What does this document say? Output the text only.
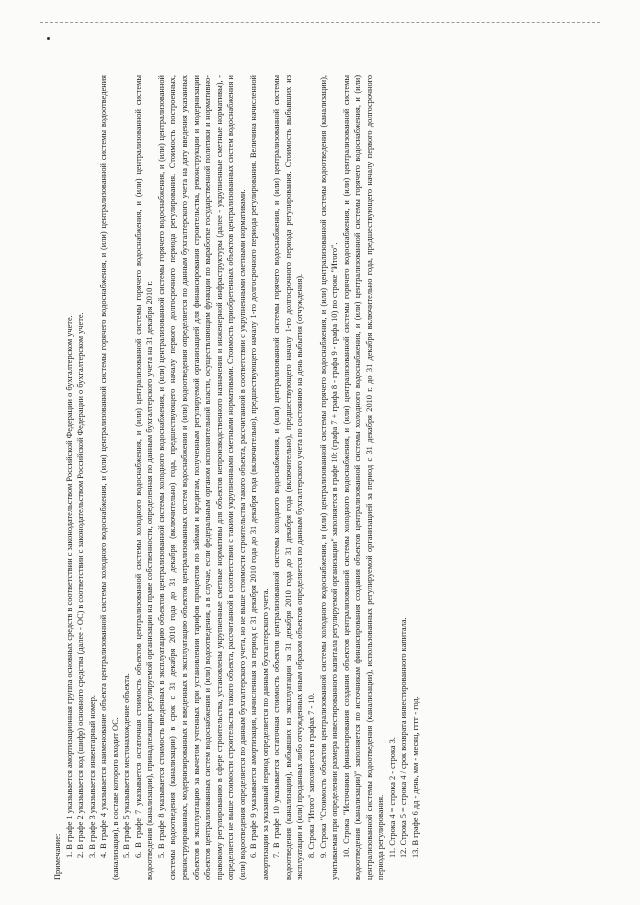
Примечание: 1. В графе 1 указывается амортизационная группа основных средств в соответствии с законодательством Российской Федерации о бухгалтерском учете. 2. В графе 2 указывается код (шифр) основного средства (далее - ОС) в соответствии с законодательством Российской Федерации о бухгалтерском учете. 3. В графе 3 указывается инвентарный номер. 4. В графе 4 указывается наименование объекта централизованной системы холодного водоснабжения, и (или) централизованной системы горячего водоснабжения, и (или) централизованной системы водоотведения (канализации), в составе которого входит ОС. 5. В графе 5 указывается местонахождение объекта. 6. В графе 7 указывается остаточная стоимость объектов централизованной системы холодного водоснабжения, и (или) централизованной системы горячего водоснабжения, и (или) централизованной системы водоотведения (канализации), принадлежащих регулируемой организации на праве собственности, определенная по данным бухгалтерского учета на 31 декабря 2010 г. 5. В графе 8 указывается стоимость введенных в эксплуатацию объектов централизованной системы холодного водоснабжения, и (или) централизованной системы горячего водоснабжения, и (или) централизованной системы водоотведения (канализации) в срок с 31 декабря 2010 года до 31 декабря (включительно) года, предшествующего началу первого долгосрочного периода регулирования. Стоимость построенных, реконструированных, модернизированных и введенных в эксплуатацию объектов централизованных систем водоснабжения и (или) водоотведения определяется по данным бухгалтерского учета на дату введения указанных объектов в эксплуатацию за вычетом учтенных при установлении тарифов процентов по займам и кредитам, полученным регулируемой организацией для финансирования строительства, реконструкции и модернизации объектов централизованных систем водоснабжения и (или) водоотведения, а в случае, если федеральным органом исполнительной власти, осуществляющим функции по выработке государственной политики и нормативно-правовому регулированию в сфере строительства, установлены укрупненные сметные нормативы для объектов непроизводственного назначения и инженерной инфраструктуры (далее - укрупненные сметные нормативы), - определяется не выше стоимости строительства такого объекта, рассчитанной в соответствии с такими укрупненными сметными нормативами. Стоимость приобретенных объектов централизованных систем водоснабжения и (или) водоотведения определяется по данным бухгалтерского учета, но не выше стоимости строительства такого объекта, рассчитанной в соответствии с укрупненными сметными нормативами. 6. В графе 9 указывается амортизация, начисленная за период с 31 декабря 2010 года до 31 декабря года (включительно), предшествующего началу 1-го долгосрочного периода регулирования. Величина начисленной амортизации за указанный период определяется по данным бухгалтерского учета. 7. В графе 10 указывается остаточная стоимость объектов централизованной системы холодного водоснабжения, и (или) централизованной системы горячего водоснабжения, и (или) централизованной системы водоотведения (канализации), выбывших из эксплуатации за 31 декабря 2010 года до 31 декабря года (включительно), предшествующего началу 1-го долгосрочного периода регулирования. Стоимость выбывших из эксплуатации и (или) проданных либо отчужденных иным образом объектов определяется по данным бухгалтерского учета по состоянию на день выбытия (отчуждения). 8. Строка "Итого" заполняется в графах 7 - 10. 9. Строка "Стоимость объектов централизованной системы холодного водоснабжения, и (или) централизованной системы горячего водоснабжения, и (или) централизованной системы водоотведения (канализации), учитываемая при определении размера инвестированного капитала регулируемой организации" заполняется в графе 10: (графа 7 + графа 8 - графа 9 - графа 10) по строке "Итого". 10. Строка "Источники финансирования создания объектов централизованной системы холодного водоснабжения, и (или) централизованной системы горячего водоснабжения, и (или) централизованной системы водоотведения (канализации)" заполняется по источникам финансирования создания объектов централизованной системы холодного водоснабжения, и (или) централизованной системы горячего водоснабжения, и (или) централизованной системы водоотведения (канализации), использованных регулируемой организацией за период с 31 декабря 2010 г. до 31 декабря включительно года, предшествующего началу первого долгосрочного периода регулирования. 11. Строка 4 = строка 2 - строка 3. 12. Строка 5 = строка 4 / срок возврата инвестированного капитала. 13. В графе 6 дд - день, мм - месяц, гггг - год.
